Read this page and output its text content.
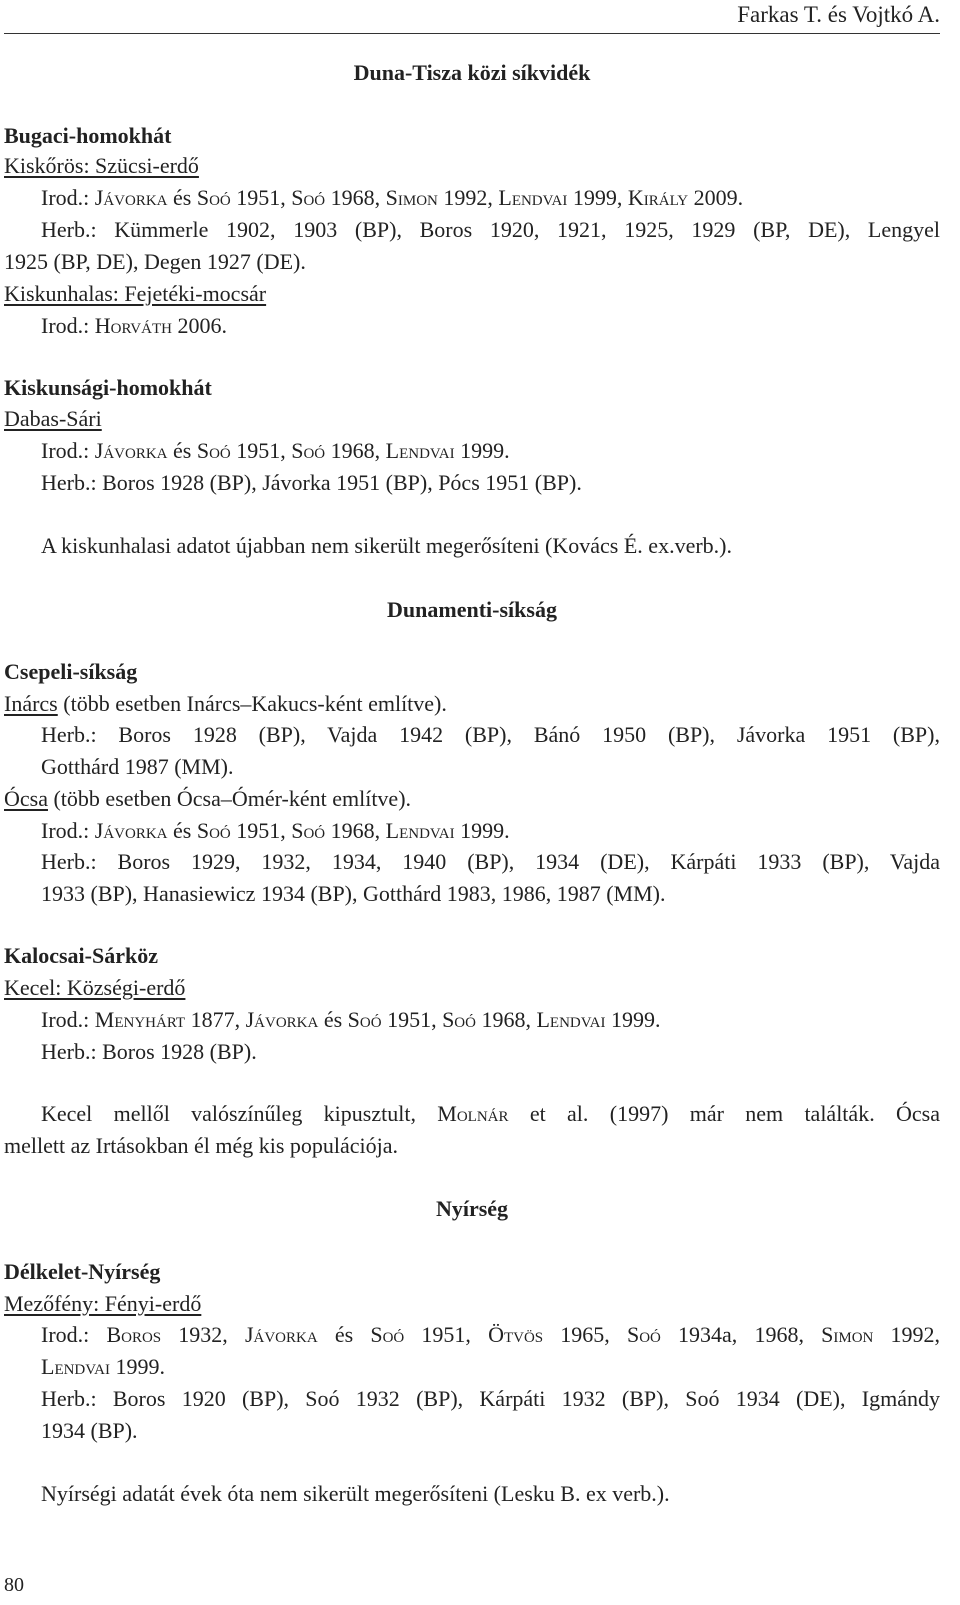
Farkas T. és Vojtkó A.
Duna-Tisza közi síkvidék
Bugaci-homokhát
Kiskőrös: Szücsi-erdő
Irod.: Jávorka és Soó 1951, Soó 1968, Simon 1992, Lendvai 1999, Király 2009.
Herb.: Kümmerle 1902, 1903 (BP), Boros 1920, 1921, 1925, 1929 (BP, DE), Lengyel
1925 (BP, DE), Degen 1927 (DE).
Kiskunhalas: Fejetéki-mocsár
Irod.: Horváth 2006.
Kiskunsági-homokhát
Dabas-Sári
Irod.: Jávorka és Soó 1951, Soó 1968, Lendvai 1999.
Herb.: Boros 1928 (BP), Jávorka 1951 (BP), Pócs 1951 (BP).
A kiskunhalasi adatot újabban nem sikerült megerősíteni (Kovács É. ex.verb.).
Dunamenti-síkság
Csepeli-síkság
Inárcs (több esetben Inárcs–Kakucs-ként említve).
Herb.: Boros 1928 (BP), Vajda 1942 (BP), Bánó 1950 (BP), Jávorka 1951 (BP),
Gotthárd 1987 (MM).
Ócsa (több esetben Ócsa–Ómér-ként említve).
Irod.: Jávorka és Soó 1951, Soó 1968, Lendvai 1999.
Herb.: Boros 1929, 1932, 1934, 1940 (BP), 1934 (DE), Kárpáti 1933 (BP), Vajda
1933 (BP), Hanasiewicz 1934 (BP), Gotthárd 1983, 1986, 1987 (MM).
Kalocsai-Sárköz
Kecel: Községi-erdő
Irod.: Menyhárt 1877, Jávorka és Soó 1951, Soó 1968, Lendvai 1999.
Herb.: Boros 1928 (BP).
Kecel mellől valószínűleg kipusztult, Molnár et al. (1997) már nem találták. Ócsa
mellett az Irtásokban él még kis populációja.
Nyírség
Délkelet-Nyírség
Mezőfény: Fényi-erdő
Irod.: Boros 1932, Jávorka és Soó 1951, Ötvös 1965, Soó 1934a, 1968, Simon 1992,
Lendvai 1999.
Herb.: Boros 1920 (BP), Soó 1932 (BP), Kárpáti 1932 (BP), Soó 1934 (DE), Igmándy
1934 (BP).
Nyírségi adatát évek óta nem sikerült megerősíteni (Lesku B. ex verb.).
80
